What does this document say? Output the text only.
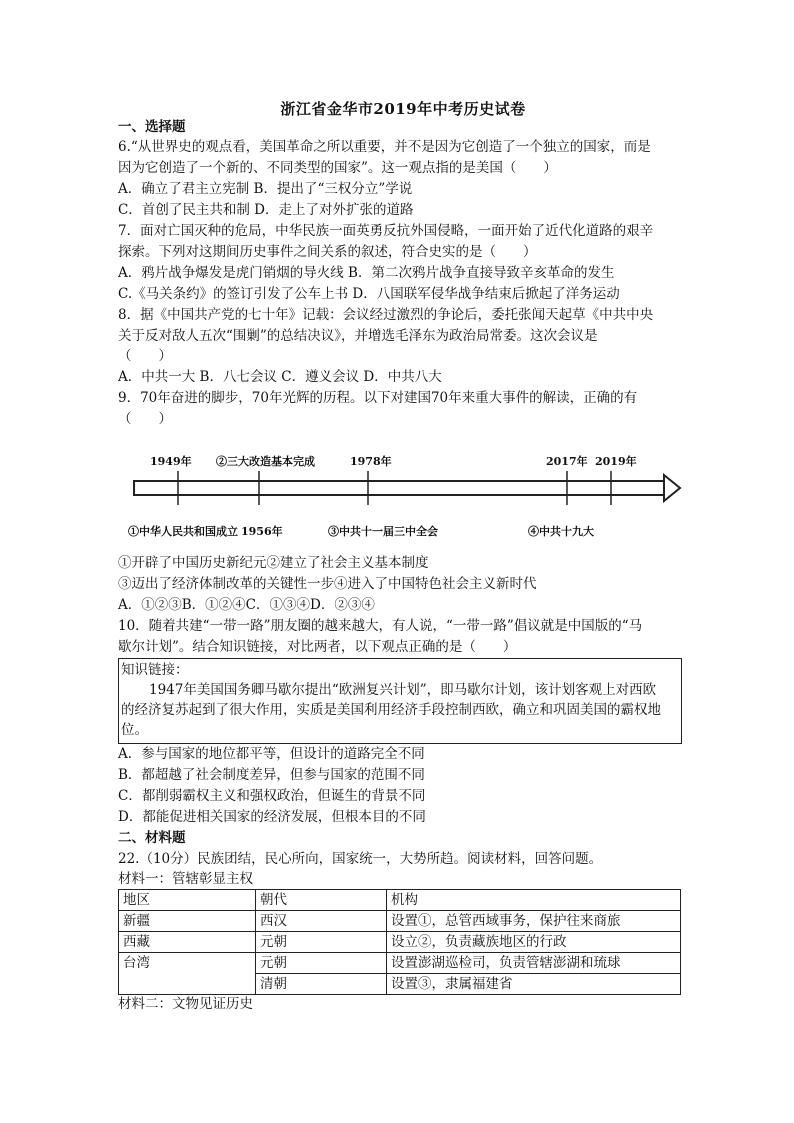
浙江省金华市2019年中考历史试卷
一、选择题
6.“从世界史的观点看，美国革命之所以重要，并不是因为它创造了一个独立的国家，而是
因为它创造了一个新的、不同类型的国家”。这一观点指的是美国（　　）
A．确立了君主立宪制 B．提出了“三权分立”学说
C．首创了民主共和制 D．走上了对外扩张的道路
7．面对亡国灭种的危局，中华民族一面英勇反抗外国侵略，一面开始了近代化道路的艰辛
探索。下列对这期间历史事件之间关系的叙述，符合史实的是（　　）
A．鸦片战争爆发是虎门销烟的导火线 B．第二次鸦片战争直接导致辛亥革命的发生
C.《马关条约》的签订引发了公车上书 D．八国联军侵华战争结束后掀起了洋务运动
8．据《中国共产党的七十年》记载：会议经过激烈的争论后，委托张闻天起草《中共中央
关于反对敌人五次“围剿”的总结决议》，并增选毛泽东为政治局常委。这次会议是
（　　）
A．中共一大 B．八七会议 C．遵义会议 D．中共八大
9．70年奋进的脚步，70年光辉的历程。以下对建国70年来重大事件的解读，正确的有
（　　）
1949年 ②三大改造基本完成	1978年	2017年 2019年
①中华人民共和国成立 1956年	③中共十一届三中全会	④中共十九大
①开辟了中国历史新纪元②建立了社会主义基本制度
③迈出了经济体制改革的关键性一步④进入了中国特色社会主义新时代
A．①②③B．①②④C．①③④D．②③④
10．随着共建“一带一路”朋友圈的越来越大，有人说，“一带一路”倡议就是中国版的“马
歇尔计划”。结合知识链接，对比两者，以下观点正确的是（　　）
知识链接：
1947年美国国务卿马歇尔提出“欧洲复兴计划”，即马歇尔计划，该计划客观上对西欧
的经济复苏起到了很大作用，实质是美国利用经济手段控制西欧，确立和巩固美国的霸权地
位。
A．参与国家的地位都平等，但设计的道路完全不同
B．都超越了社会制度差异，但参与国家的范围不同
C．都削弱霸权主义和强权政治，但诞生的背景不同
D．都能促进相关国家的经济发展，但根本目的不同
二、材料题
22.（10分）民族团结，民心所向，国家统一，大势所趋。阅读材料，回答问题。
材料一：管辖彰显主权
地区	朝代	机构
新疆	西汉	设置①，总管西域事务，保护往来商旅
西藏	元朝	设立②，负责藏族地区的行政
台湾	元朝	设置澎湖巡检司，负责管辖澎湖和琉球
	清朝	设置③，隶属福建省
材料二：文物见证历史
